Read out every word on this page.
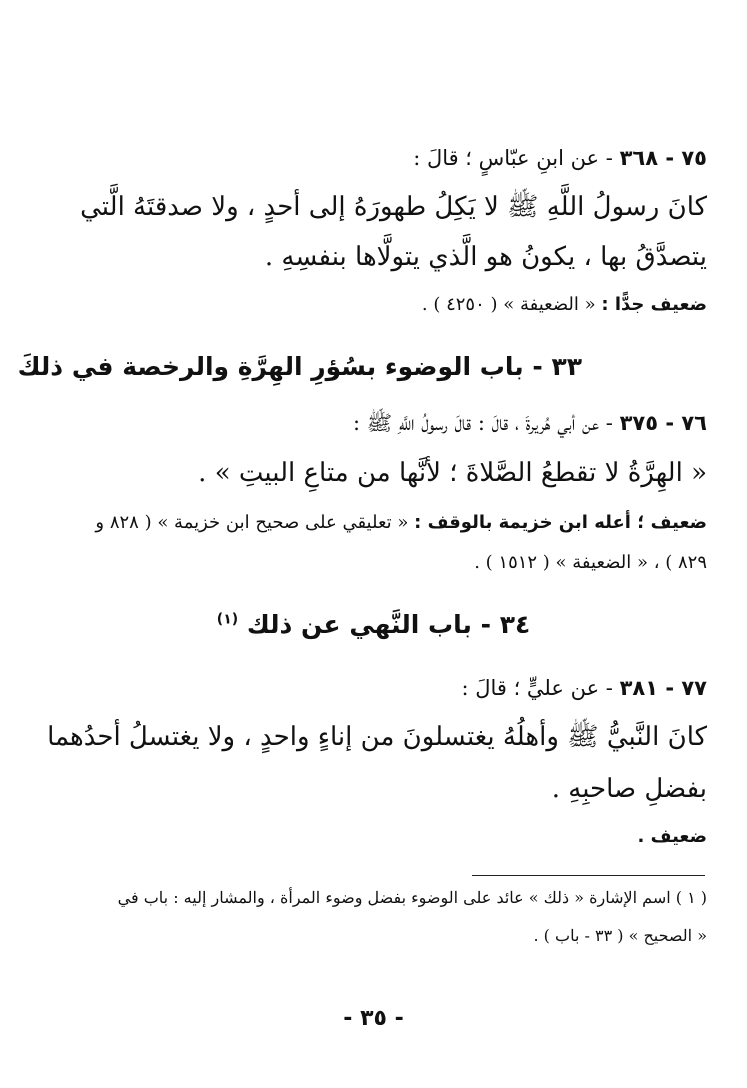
٧٥ - ٣٦٨ - عن ابنِ عبّاسٍ ؛ قالَ :
كانَ رسولُ اللَّهِ ﷺ لا يَكِلُ طهورَهُ إلى أحدٍ ، ولا صدقتَهُ الَّتي
يتصدَّقُ بها ، يكونُ هو الَّذي يتولَّاها بنفسِهِ .
ضعيف جدًّا : « الضعيفة » ( ٤٢٥٠ ) .
٣٣ - باب الوضوء بسُؤرِ الهِرَّةِ والرخصة في ذلكَ
٧٦ - ٣٧٥ - عن أبي هُريرةَ ، قالَ : قالَ رسولُ اللَّهِ ﷺ :
« الهِرَّةُ لا تقطعُ الصَّلاةَ ؛ لأنَّها من متاعِ البيتِ » .
ضعيف ؛ أعله ابن خزيمة بالوقف : « تعليقي على صحيح ابن خزيمة » ( ٨٢٨ و
٨٢٩ ) ، « الضعيفة » ( ١٥١٢ ) .
٣٤ - باب النَّهي عن ذلك $^{(١)}$
٧٧ - ٣٨١ - عن عليٍّ ؛ قالَ :
كانَ النَّبيُّ ﷺ وأهلُهُ يغتسلونَ من إناءٍ واحدٍ ، ولا يغتسلُ أحدُهما
بفضلِ صاحبِهِ .
ضعيف .
( ١ ) اسم الإشارة « ذلك » عائد على الوضوء بفضل وضوء المرأة ، والمشار إليه : باب في
« الصحيح » ( ٣٣ - باب ) .
- ٣٥ -
